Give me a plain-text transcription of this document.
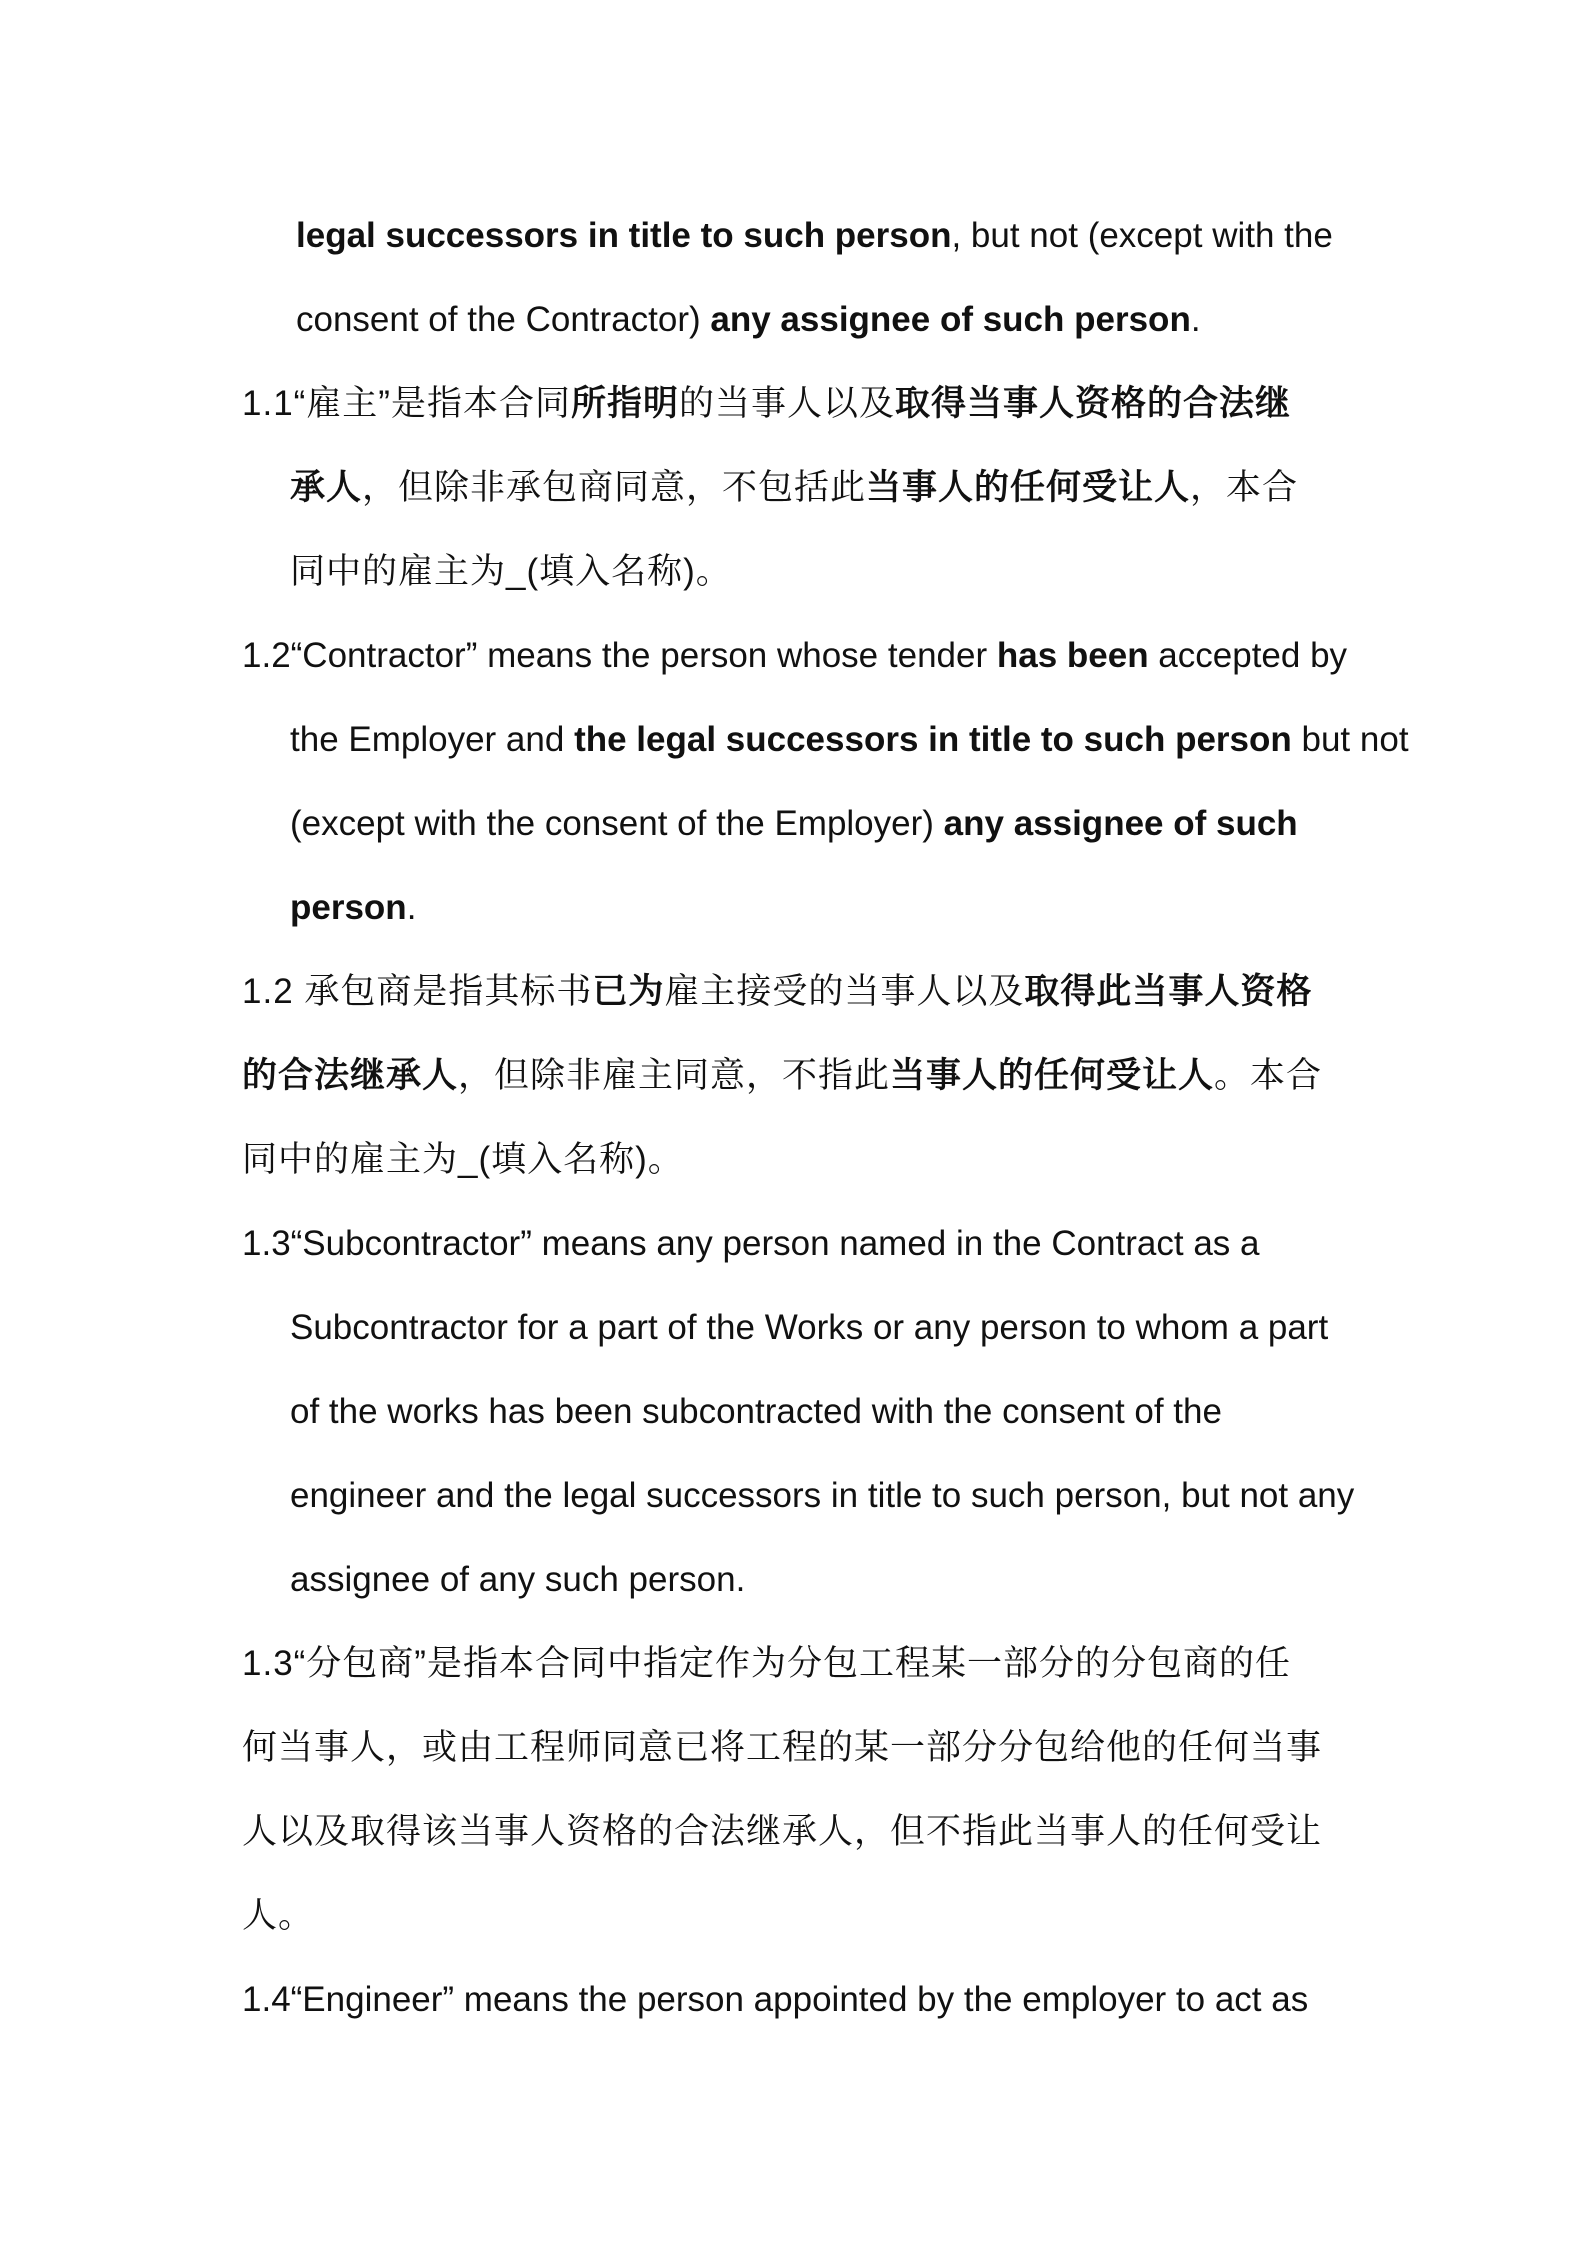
legal successors in title to such person, but not (except with the
consent of the Contractor) any assignee of such person.
1.1“雇主”是指本合同所指明的当事人以及取得当事人资格的合法继
承人，但除非承包商同意，不包括此当事人的任何受让人，本合
同中的雇主为_(填入名称)。
1.2“Contractor” means the person whose tender has been accepted by
the Employer and the legal successors in title to such person but not
(except with the consent of the Employer) any assignee of such
person.
1.2 承包商是指其标书已为雇主接受的当事人以及取得此当事人资格
的合法继承人，但除非雇主同意，不指此当事人的任何受让人。本合
同中的雇主为_(填入名称)。
1.3“Subcontractor” means any person named in the Contract as a
Subcontractor for a part of the Works or any person to whom a part
of the works has been subcontracted with the consent of the
engineer and the legal successors in title to such person, but not any
assignee of any such person.
1.3“分包商”是指本合同中指定作为分包工程某一部分的分包商的任
何当事人，或由工程师同意已将工程的某一部分分包给他的任何当事
人以及取得该当事人资格的合法继承人，但不指此当事人的任何受让
人。
1.4“Engineer” means the person appointed by the employer to act as
